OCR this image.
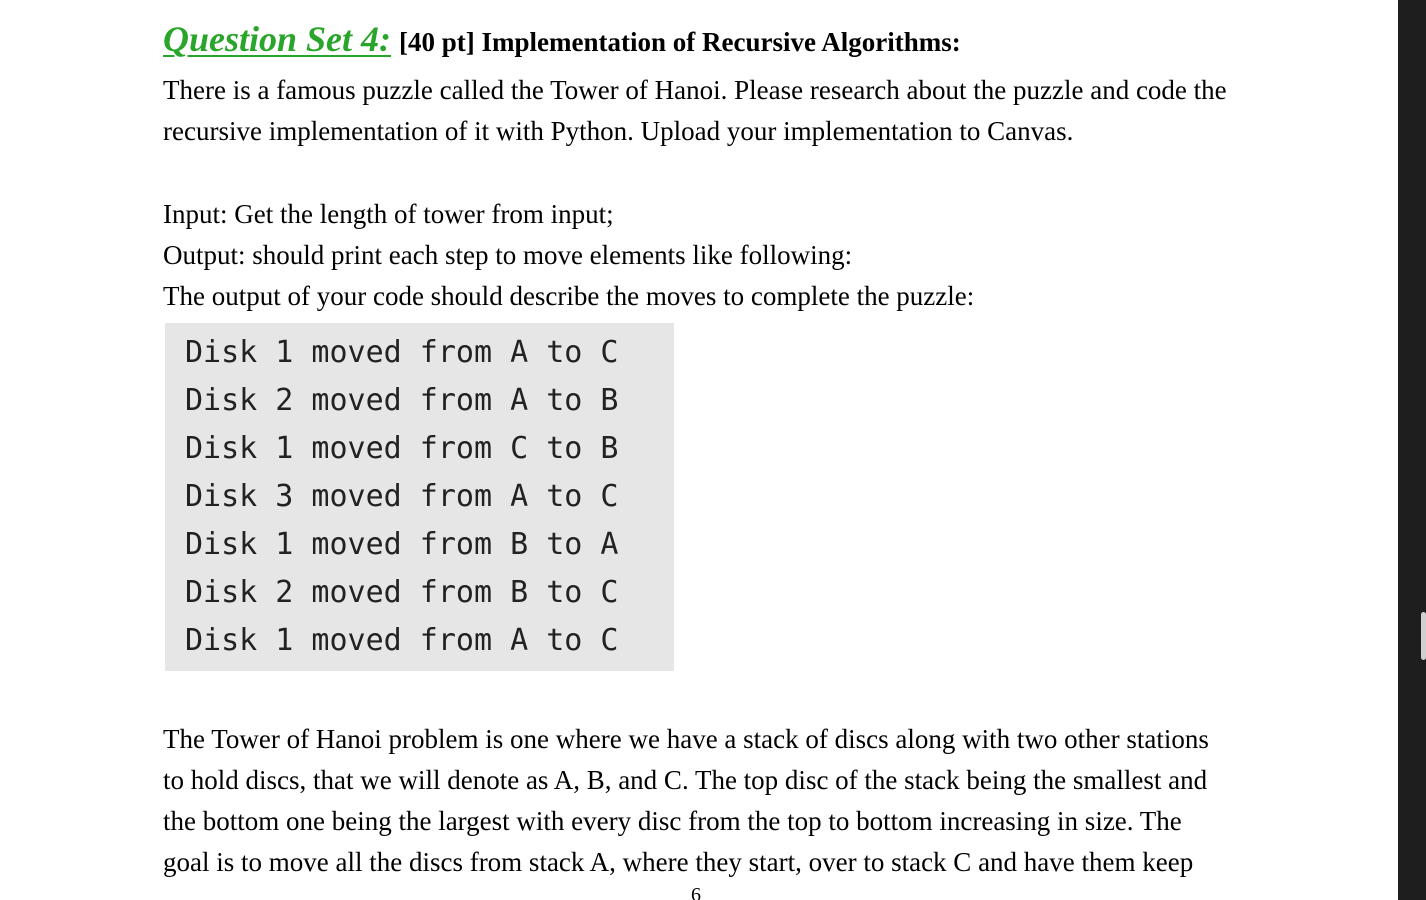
Question Set 4: [40 pt] Implementation of Recursive Algorithms:

There is a famous puzzle called the Tower of Hanoi. Please research about the puzzle and code the

recursive implementation of it with Python. Upload your implementation to Canvas.

Input: Get the length of tower from input;

Output: should print each step to move elements like following:

The output of your code should describe the moves to complete the puzzle:

Disk 1 moved from A to C
Disk 2 moved from A to B
Disk 1 moved from C to B
Disk 3 moved from A to C
Disk 1 moved from B to A
Disk 2 moved from B to C
Disk 1 moved from A to C

The Tower of Hanoi problem is one where we have a stack of discs along with two other stations

to hold discs, that we will denote as A, B, and C. The top disc of the stack being the smallest and

the bottom one being the largest with every disc from the top to bottom increasing in size. The

goal is to move all the discs from stack A, where they start, over to stack C and have them keep

6
